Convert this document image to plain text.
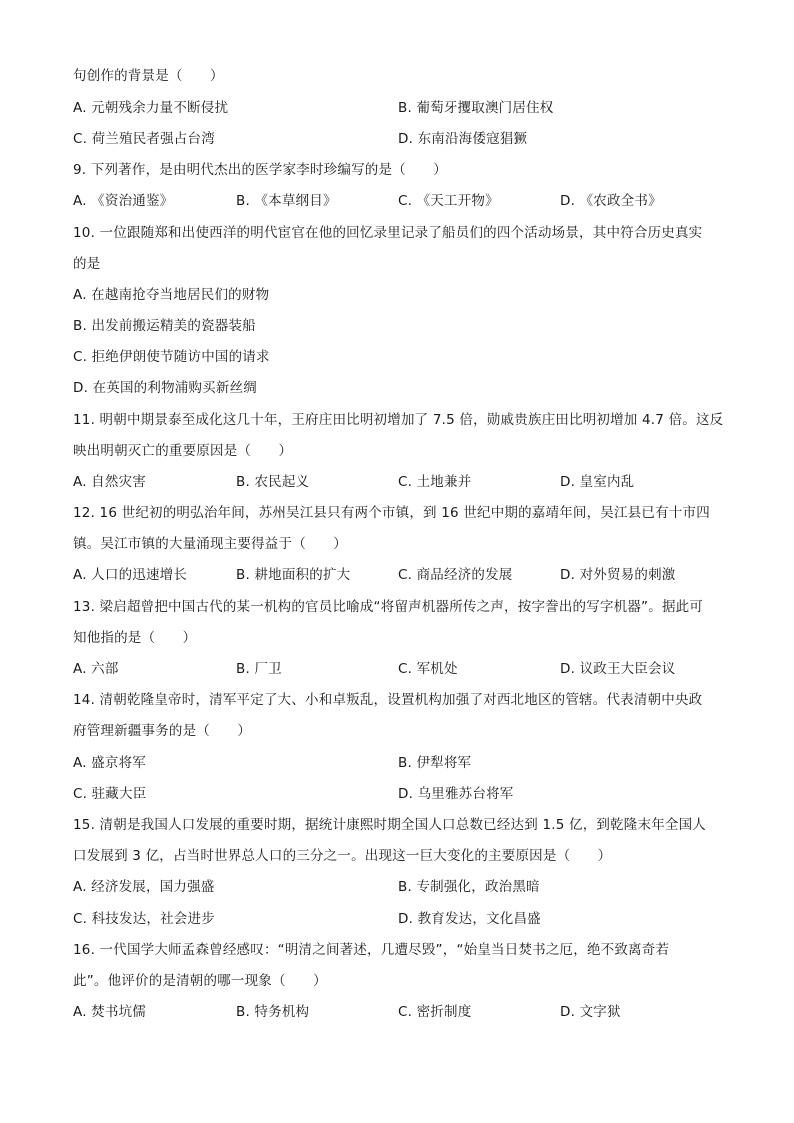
句创作的背景是（　　）
A. 元朝残余力量不断侵扰	B. 葡萄牙攫取澳门居住权
C. 荷兰殖民者强占台湾	D. 东南沿海倭寇猖獗
9. 下列著作，是由明代杰出的医学家李时珍编写的是（　　）
A. 《资治通鉴》	B. 《本草纲目》	C. 《天工开物》	D. 《农政全书》
10. 一位跟随郑和出使西洋的明代宦官在他的回忆录里记录了船员们的四个活动场景，其中符合历史真实
的是
A. 在越南抢夺当地居民们的财物
B. 出发前搬运精美的瓷器装船
C. 拒绝伊朗使节随访中国的请求
D. 在英国的利物浦购买新丝绸
11. 明朝中期景泰至成化这几十年，王府庄田比明初增加了 7.5 倍，勋戚贵族庄田比明初增加 4.7 倍。这反
映出明朝灭亡的重要原因是（　　）
A. 自然灾害	B. 农民起义	C. 土地兼并	D. 皇室内乱
12. 16 世纪初的明弘治年间，苏州吴江县只有两个市镇，到 16 世纪中期的嘉靖年间，吴江县已有十市四
镇。吴江市镇的大量涌现主要得益于（　　）
A. 人口的迅速增长	B. 耕地面积的扩大	C. 商品经济的发展	D. 对外贸易的刺激
13. 梁启超曾把中国古代的某一机构的官员比喻成“将留声机器所传之声，按字誊出的写字机器”。据此可
知他指的是（　　）
A. 六部	B. 厂卫	C. 军机处	D. 议政王大臣会议
14. 清朝乾隆皇帝时，清军平定了大、小和卓叛乱，设置机构加强了对西北地区的管辖。代表清朝中央政
府管理新疆事务的是（　　）
A. 盛京将军	B. 伊犁将军
C. 驻藏大臣	D. 乌里雅苏台将军
15. 清朝是我国人口发展的重要时期，据统计康熙时期全国人口总数已经达到 1.5 亿，到乾隆末年全国人
口发展到 3 亿，占当时世界总人口的三分之一。出现这一巨大变化的主要原因是（　　）
A. 经济发展，国力强盛	B. 专制强化，政治黑暗
C. 科技发达，社会进步	D. 教育发达，文化昌盛
16. 一代国学大师孟森曾经感叹：“明清之间著述，几遭尽毁”，“始皇当日焚书之厄，绝不致离奇若
此”。他评价的是清朝的哪一现象（　　）
A. 焚书坑儒	B. 特务机构	C. 密折制度	D. 文字狱
